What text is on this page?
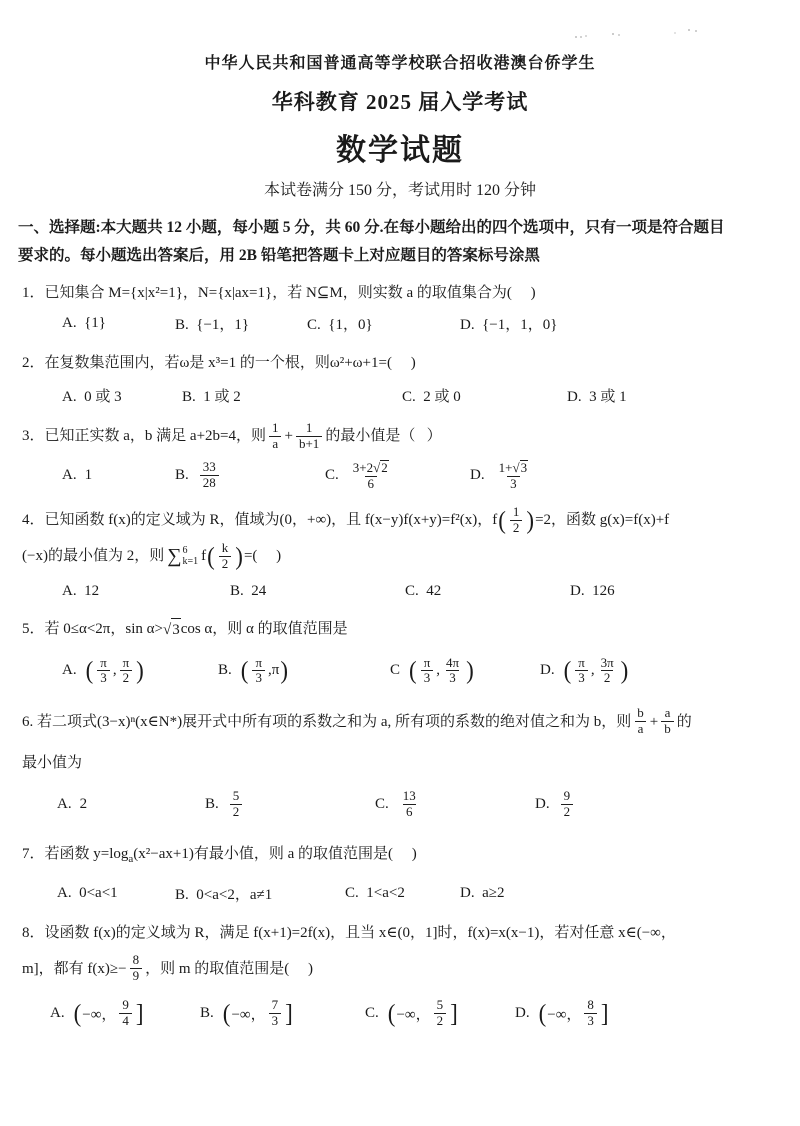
中华人民共和国普通高等学校联合招收港澳台侨学生
华科教育 2025 届入学考试
数学试题
本试卷满分 150 分，考试用时 120 分钟
一、选择题:本大题共 12 小题，每小题 5 分，共 60 分.在每小题给出的四个选项中，只有一项是符合题目
要求的。每小题选出答案后，用 2B 铅笔把答题卡上对应题目的答案标号涂黑
1．已知集合 M={x|x²=1}，N={x|ax=1}，若 N⊆M，则实数 a 的取值集合为(     )
A.  {1}	B.  {−1，1}	C.  {1，0}	D.  {−1，1，0}
2．在复数集范围内，若ω是 x³=1 的一个根，则ω²+ω+1=(     )
A.  0 或 3	B.  1 或 2	C.  2 或 0	D.  3 或 1
3．已知正实数 a，b 满足 a+2b=4，则 $\frac{1}{a} + \frac{1}{b+1}$ 的最小值是（   ）
A. 1	B. $\frac{33}{28}$	C. $\frac{3+2 √ 2}{6}$	D. $\frac{1+ √ 3}{3}$
4．已知函数 f(x)的定义域为 R，值域为(0，+∞)，且 f(x−y)f(x+y)=f²(x)，f ( $\frac{1}{2}$ ) =2，函数 g(x)=f(x)+f
(−x)的最小值为 2，则 ∑ 6
k=1 f ( $\frac{k}{2}$ ) =(     )
A.  12	B.  24	C.  42	D.  126
5．若 0≤α<2π，sin α> √ 3 cos α，则 α 的取值范围是
A. ( $\frac{\pi}{3}$ , $\frac{\pi}{2}$ )	B. ( $\frac{\pi}{3}$ , π )	C ( $\frac{\pi}{3}$ , $\frac{4\pi}{3}$ )	D. ( $\frac{\pi}{3}$ , $\frac{3\pi}{2}$ )
6. 若二项式(3−x)ⁿ(x∈N*)展开式中所有项的系数之和为 a, 所有项的系数的绝对值之和为 b，则 $\frac{b}{a} + \frac{a}{b}$ 的
最小值为
A. 2	B. $\frac{5}{2}$	C. $\frac{13}{6}$	D. $\frac{9}{2}$
7．若函数 $y=\log_a(x^2-ax+1)$有最小值，则 a 的取值范围是(     )
A.  0<a<1	B.  0<a<2，a≠1	C.  1<a<2	D.  a≥2
8．设函数 f(x)的定义域为 R，满足 f(x+1)=2f(x)，且当 x∈(0，1]时，f(x)=x(x−1)，若对任意 x∈(−∞，
m]，都有 $f(x)\ge- \frac{8}{9}$ ，则 m 的取值范围是(     )
A. ( −∞， $\frac{9}{4}$ ]	B. ( −∞， $\frac{7}{3}$ ]	C. ( −∞， $\frac{5}{2}$ ]	D. ( −∞， $\frac{8}{3}$ ]
